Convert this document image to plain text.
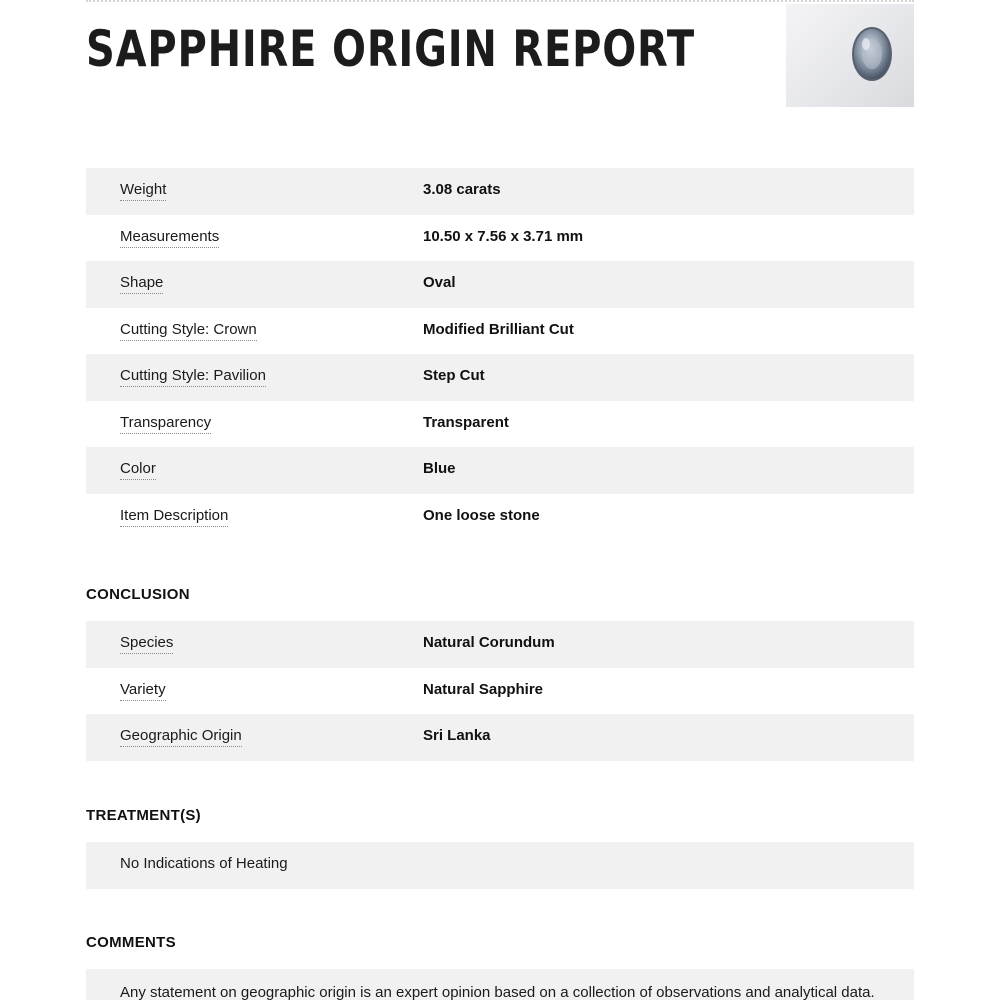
SAPPHIRE ORIGIN REPORT
Weight	3.08 carats
Measurements	10.50 x 7.56 x 3.71 mm
Shape	Oval
Cutting Style: Crown	Modified Brilliant Cut
Cutting Style: Pavilion	Step Cut
Transparency	Transparent
Color	Blue
Item Description	One loose stone
CONCLUSION
Species	Natural Corundum
Variety	Natural Sapphire
Geographic Origin	Sri Lanka
TREATMENT(S)
No Indications of Heating
COMMENTS
Any statement on geographic origin is an expert opinion based on a collection of observations and analytical data.
